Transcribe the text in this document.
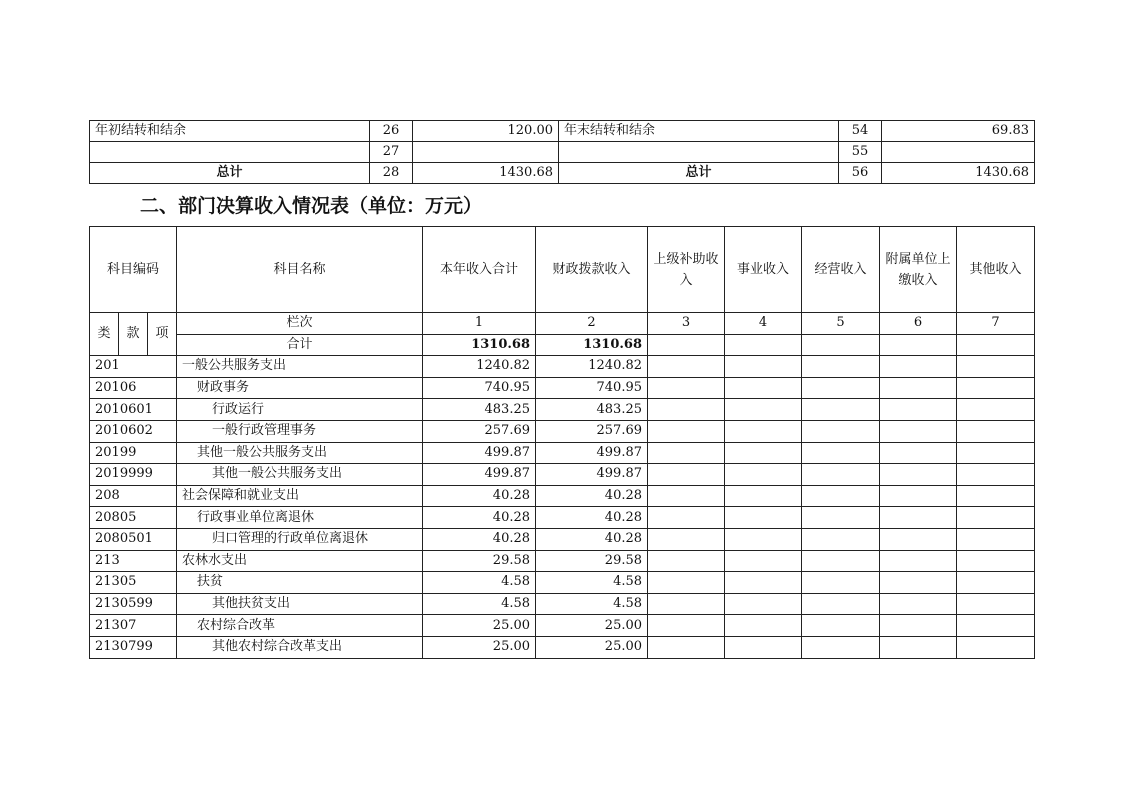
年初结转和结余	26	120.00	年末结转和结余	54	69.83
	27			55	
总计	28	1430.68	总计	56	1430.68
二、部门决算收入情况表（单位：万元）
科目编码			科目名称	本年收入合计	财政拨款收入	上级补助收入	事业收入	经营收入	附属单位上缴收入	其他收入
类	款	项	栏次	1	2	3	4	5	6	7
			合计	1310.68	1310.68					
201			一般公共服务支出	1240.82	1240.82					
20106			财政事务	740.95	740.95					
2010601			行政运行	483.25	483.25					
2010602			一般行政管理事务	257.69	257.69					
20199			其他一般公共服务支出	499.87	499.87					
2019999			其他一般公共服务支出	499.87	499.87					
208			社会保障和就业支出	40.28	40.28					
20805			行政事业单位离退休	40.28	40.28					
2080501			归口管理的行政单位离退休	40.28	40.28					
213			农林水支出	29.58	29.58					
21305			扶贫	4.58	4.58					
2130599			其他扶贫支出	4.58	4.58					
21307			农村综合改革	25.00	25.00					
2130799			其他农村综合改革支出	25.00	25.00					
